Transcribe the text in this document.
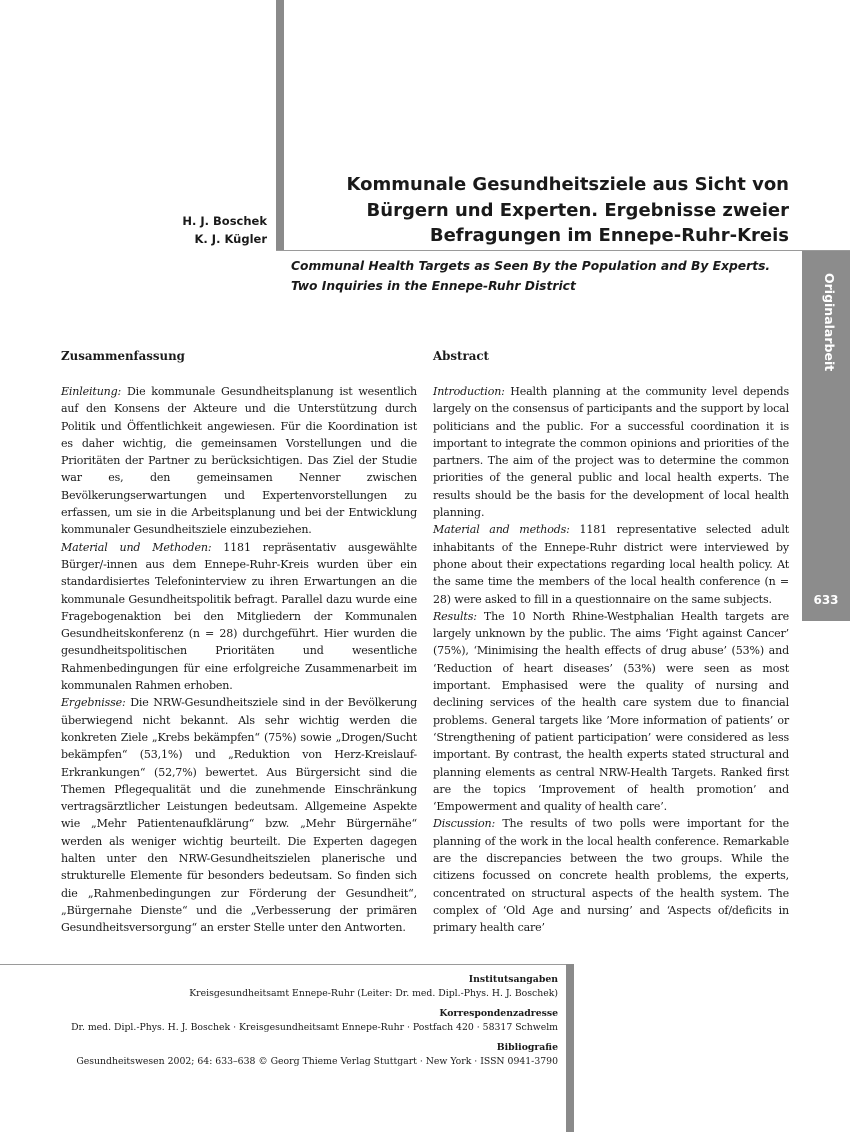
Kommunale Gesundheitsziele aus Sicht von Bürgern und Experten. Ergebnisse zweier Befragungen im Ennepe-Ruhr-Kreis
H. J. Boschek
K. J. Kügler
Communal Health Targets as Seen By the Population and By Experts.
Two Inquiries in the Ennepe-Ruhr District	Originalarbeit
633
Zusammenfassung	Abstract

Einleitung: Die kommunale Gesundheitsplanung ist wesentlich auf den Konsens der Akteure und die Unterstützung durch Politik und Öffentlichkeit angewiesen. Für die Koordination ist es daher wichtig, die gemeinsamen Vorstellungen und die Prioritäten der Partner zu berücksichtigen. Das Ziel der Studie war es, den gemeinsamen Nenner zwischen Bevölkerungserwartungen und Expertenvorstellungen zu erfassen, um sie in die Arbeitsplanung und bei der Entwicklung kommunaler Gesundheitsziele einzubeziehen.

Material und Methoden: 1181 repräsentativ ausgewählte Bürger/-innen aus dem Ennepe-Ruhr-Kreis wurden über ein standardisiertes Telefoninterview zu ihren Erwartungen an die kommunale Gesundheitspolitik befragt. Parallel dazu wurde eine Fragebogenaktion bei den Mitgliedern der Kommunalen Gesundheitskonferenz (n = 28) durchgeführt. Hier wurden die gesundheitspolitischen Prioritäten und wesentliche Rahmenbedingungen für eine erfolgreiche Zusammenarbeit im kommunalen Rahmen erhoben.

Ergebnisse: Die NRW-Gesundheitsziele sind in der Bevölkerung überwiegend nicht bekannt. Als sehr wichtig werden die konkreten Ziele „Krebs bekämpfen“ (75%) sowie „Drogen/Sucht bekämpfen“ (53,1%) und „Reduktion von Herz-Kreislauf-Erkrankungen“ (52,7%) bewertet. Aus Bürgersicht sind die Themen Pflegequalität und die zunehmende Einschränkung vertragsärztlicher Leistungen bedeutsam. Allgemeine Aspekte wie „Mehr Patientenaufklärung“ bzw. „Mehr Bürgernähe“ werden als weniger wichtig beurteilt. Die Experten dagegen halten unter den NRW-Gesundheitszielen planerische und strukturelle Elemente für besonders bedeutsam. So finden sich die „Rahmenbedingungen zur Förderung der Gesundheit“, „Bürgernahe Dienste“ und die „Verbesserung der primären Gesundheitsversorgung“ an erster Stelle unter den Antworten.

Introduction: Health planning at the community level depends largely on the consensus of participants and the support by local politicians and the public. For a successful coordination it is important to integrate the common opinions and priorities of the partners. The aim of the project was to determine the common priorities of the general public and local health experts. The results should be the basis for the development of local health planning.

Material and methods: 1181 representative selected adult inhabitants of the Ennepe-Ruhr district were interviewed by phone about their expectations regarding local health policy. At the same time the members of the local health conference (n = 28) were asked to fill in a questionnaire on the same subjects.

Results: The 10 North Rhine-Westphalian Health targets are largely unknown by the public. The aims ‘Fight against Cancer’ (75%), ‘Minimising the health effects of drug abuse’ (53%) and ‘Reduction of heart diseases’ (53%) were seen as most important. Emphasised were the quality of nursing and declining services of the health care system due to financial problems. General targets like ’More information of patients’ or ‘Strengthening of patient participation’ were considered as less important. By contrast, the health experts stated structural and planning elements as central NRW-Health Targets. Ranked first are the topics ‘Improvement of health promotion’ and ‘Empowerment and quality of health care’.

Discussion: The results of two polls were important for the planning of the work in the local health conference. Remarkable are the discrepancies between the two groups. While the citizens focussed on concrete health problems, the experts, concentrated on structural aspects of the health system. The complex of ‘Old Age and nursing’ and ‘Aspects of/deficits in primary health care’

Institutsangaben
Kreisgesundheitsamt Ennepe-Ruhr (Leiter: Dr. med. Dipl.-Phys. H. J. Boschek)
Korrespondenzadresse
Dr. med. Dipl.-Phys. H. J. Boschek · Kreisgesundheitsamt Ennepe-Ruhr · Postfach 420 · 58317 Schwelm
Bibliografie
Gesundheitswesen 2002; 64: 633–638 © Georg Thieme Verlag Stuttgart · New York · ISSN 0941-3790
